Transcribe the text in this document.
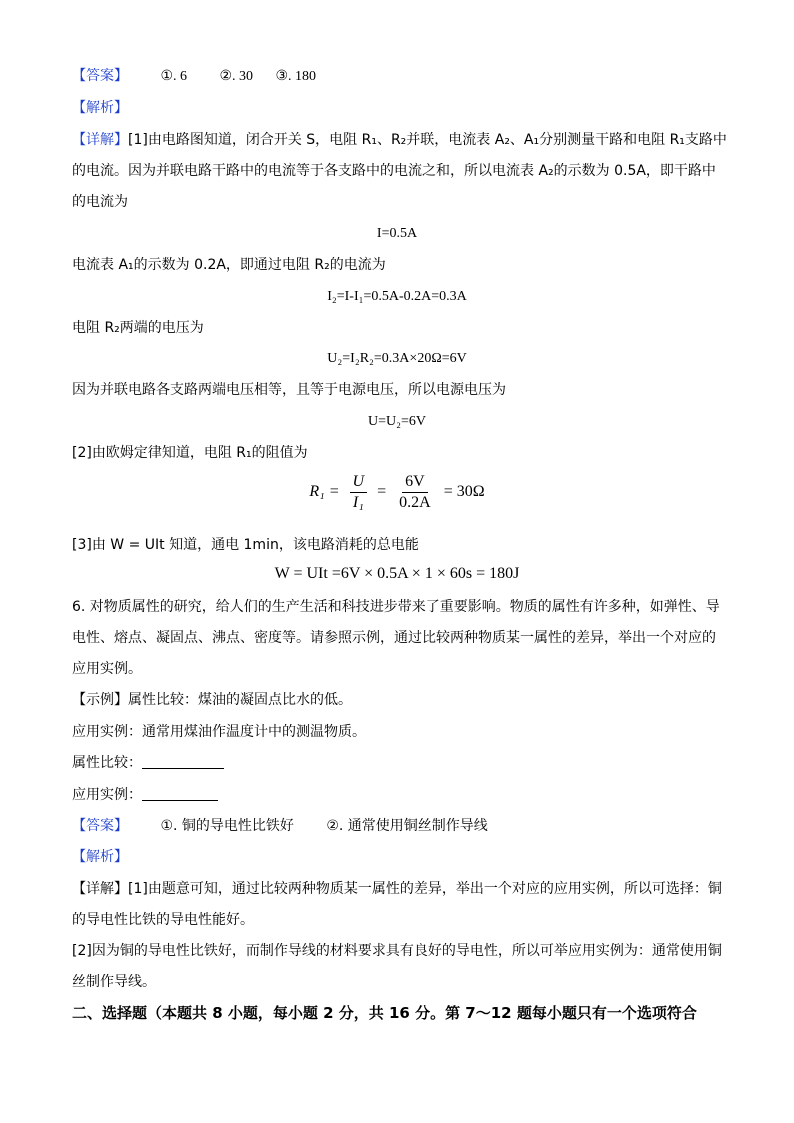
【答案】 ①. 6 ②. 30 ③. 180
【解析】
【详解】[1]由电路图知道，闭合开关 S，电阻 R₁、R₂并联，电流表 A₂、A₁分别测量干路和电阻 R₁支路中
的电流。因为并联电路干路中的电流等于各支路中的电流之和，所以电流表 A₂的示数为 0.5A，即干路中
的电流为
I=0.5A
电流表 A₁的示数为 0.2A，即通过电阻 R₂的电流为
I₂=I-I₁=0.5A-0.2A=0.3A
电阻 R₂两端的电压为
U₂=I₂R₂=0.3A×20Ω=6V
因为并联电路各支路两端电压相等，且等于电源电压，所以电源电压为
U=U₂=6V
[2]由欧姆定律知道，电阻 R₁的阻值为
$R_1 = \frac{U}{\text{I₁}} = \frac{6V}{0.2A} = 30\Omega$
[3]由 W = UIt 知道，通电 1min，该电路消耗的总电能
W = UIt =6V × 0.5A × 1 × 60s = 180J
6. 对物质属性的研究，给人们的生产生活和科技进步带来了重要影响。物质的属性有许多种，如弹性、导
电性、熔点、凝固点、沸点、密度等。请参照示例，通过比较两种物质某一属性的差异，举出一个对应的
应用实例。
【示例】属性比较：煤油的凝固点比水的低。
应用实例：通常用煤油作温度计中的测温物质。
属性比较：
应用实例：
【答案】 ①. 铜的导电性比铁好 ②. 通常使用铜丝制作导线
【解析】
【详解】[1]由题意可知，通过比较两种物质某一属性的差异，举出一个对应的应用实例，所以可选择：铜
的导电性比铁的导电性能好。
[2]因为铜的导电性比铁好，而制作导线的材料要求具有良好的导电性，所以可举应用实例为：通常使用铜
丝制作导线。
二、选择题（本题共 8 小题，每小题 2 分，共 16 分。第 7～12 题每小题只有一个选项符合
